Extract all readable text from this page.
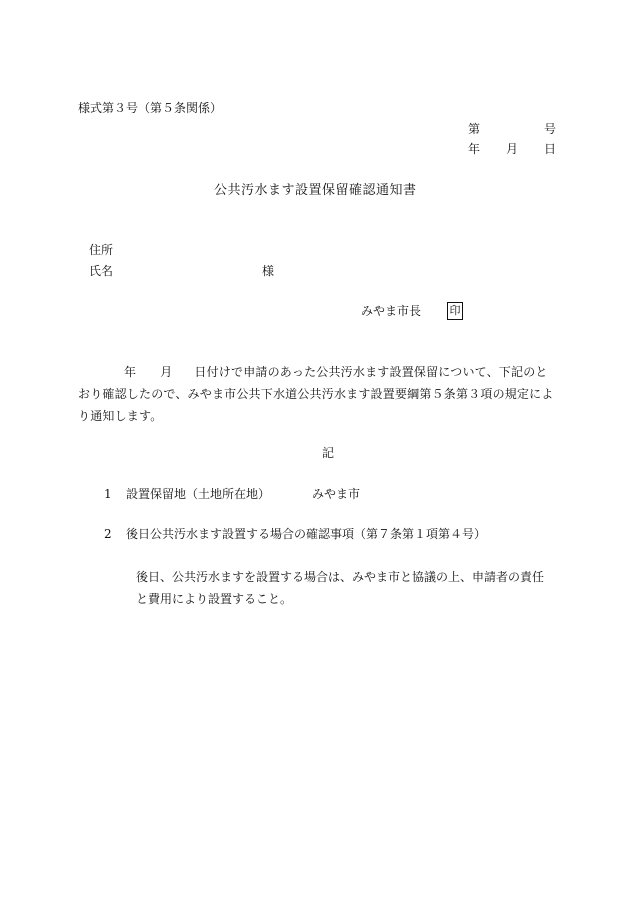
様式第３号（第５条関係）
第	号
年 月 日
公共汚水ます設置保留確認通知書
住所
氏名	様
みやま市長	印
年 月 日付けで申請のあった公共汚水ます設置保留について、下記のと
おり確認したので、みやま市公共下水道公共汚水ます設置要綱第５条第３項の規定によ
り通知します。
記
1 設置保留地（土地所在地）	みやま市
2 後日公共汚水ます設置する場合の確認事項（第７条第１項第４号）
後日、公共汚水ますを設置する場合は、みやま市と協議の上、申請者の責任
と費用により設置すること。
